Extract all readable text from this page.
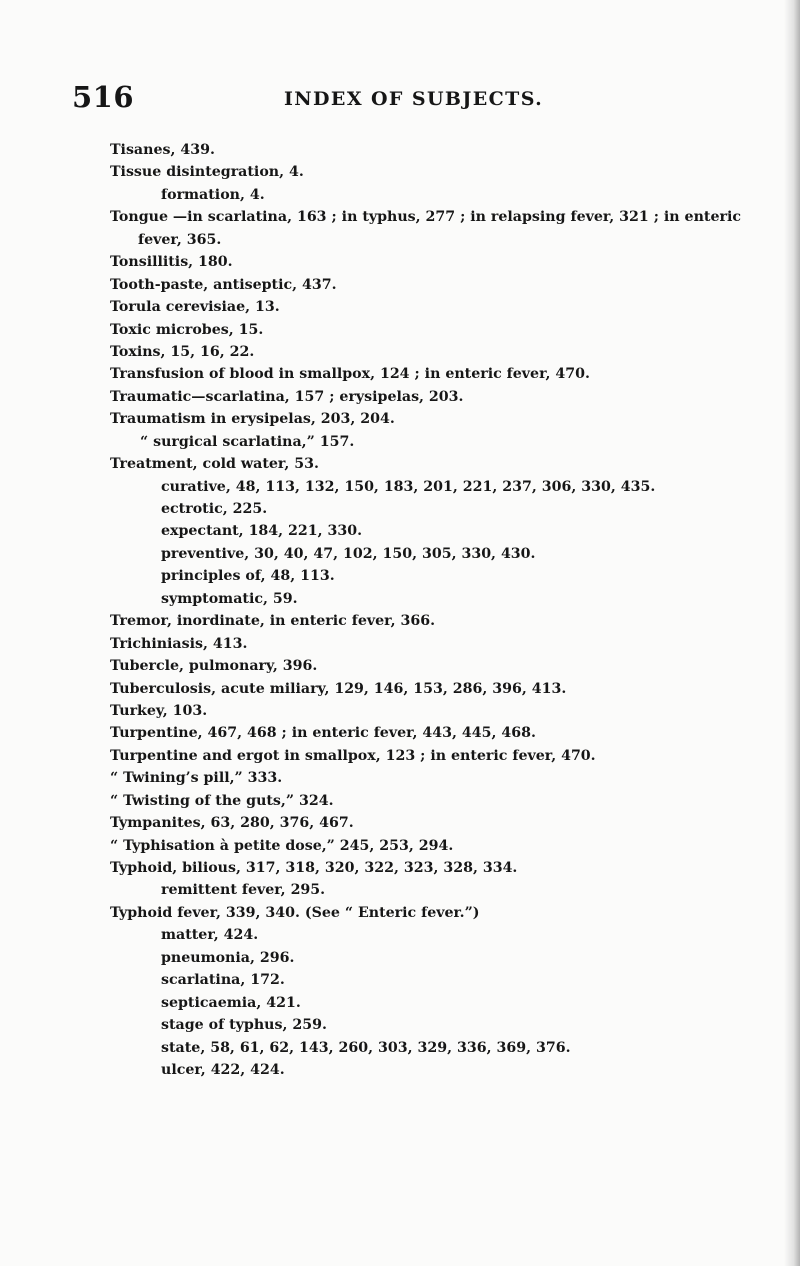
516	INDEX OF SUBJECTS.
Tisanes, 439.
Tissue disintegration, 4.
formation, 4.
Tongue —in scarlatina, 163 ; in typhus, 277 ; in relapsing fever, 321 ; in enteric
fever, 365.
Tonsillitis, 180.
Tooth-paste, antiseptic, 437.
Torula cerevisiae, 13.
Toxic microbes, 15.
Toxins, 15, 16, 22.
Transfusion of blood in smallpox, 124 ; in enteric fever, 470.
Traumatic—scarlatina, 157 ; erysipelas, 203.
Traumatism in erysipelas, 203, 204.
“ surgical scarlatina,” 157.
Treatment, cold water, 53.
curative, 48, 113, 132, 150, 183, 201, 221, 237, 306, 330, 435.
ectrotic, 225.
expectant, 184, 221, 330.
preventive, 30, 40, 47, 102, 150, 305, 330, 430.
principles of, 48, 113.
symptomatic, 59.
Tremor, inordinate, in enteric fever, 366.
Trichiniasis, 413.
Tubercle, pulmonary, 396.
Tuberculosis, acute miliary, 129, 146, 153, 286, 396, 413.
Turkey, 103.
Turpentine, 467, 468 ; in enteric fever, 443, 445, 468.
Turpentine and ergot in smallpox, 123 ; in enteric fever, 470.
“ Twining’s pill,” 333.
“ Twisting of the guts,” 324.
Tympanites, 63, 280, 376, 467.
“ Typhisation à petite dose,” 245, 253, 294.
Typhoid, bilious, 317, 318, 320, 322, 323, 328, 334.
remittent fever, 295.
Typhoid fever, 339, 340. (See “ Enteric fever.”)
matter, 424.
pneumonia, 296.
scarlatina, 172.
septicaemia, 421.
stage of typhus, 259.
state, 58, 61, 62, 143, 260, 303, 329, 336, 369, 376.
ulcer, 422, 424.
